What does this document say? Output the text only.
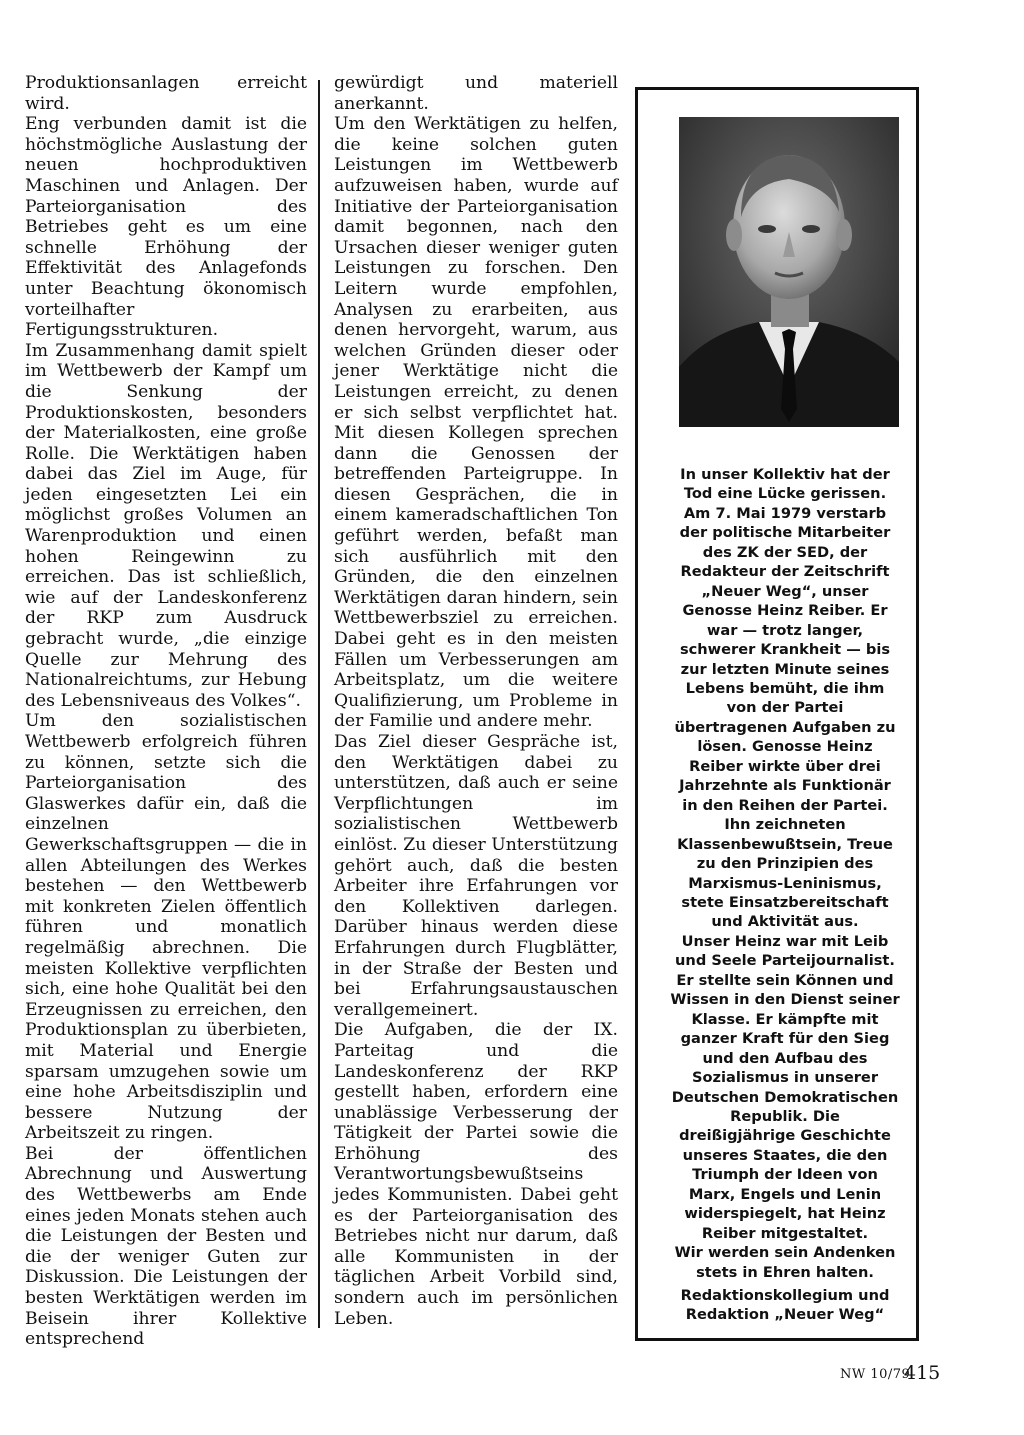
Produktionsanlagen erreicht wird.

Eng verbunden damit ist die höchstmögliche Auslastung der neuen hochproduktiven Maschinen und Anlagen. Der Parteiorganisation des Betriebes geht es um eine schnelle Erhöhung der Effektivität des Anlagefonds unter Beachtung ökonomisch vorteilhafter Fertigungsstrukturen.

Im Zusammenhang damit spielt im Wettbewerb der Kampf um die Senkung der Produktionskosten, besonders der Materialkosten, eine große Rolle. Die Werktätigen haben dabei das Ziel im Auge, für jeden eingesetzten Lei ein möglichst großes Volumen an Warenproduktion und einen hohen Reingewinn zu erreichen. Das ist schließlich, wie auf der Landeskonferenz der RKP zum Ausdruck gebracht wurde, „die einzige Quelle zur Mehrung des Nationalreichtums, zur Hebung des Lebensniveaus des Volkes“.

Um den sozialistischen Wettbewerb erfolgreich führen zu können, setzte sich die Parteiorganisation des Glaswerkes dafür ein, daß die einzelnen Gewerkschaftsgruppen — die in allen Abteilungen des Werkes bestehen — den Wettbewerb mit konkreten Zielen öffentlich führen und monatlich regelmäßig abrechnen. Die meisten Kollektive verpflichten sich, eine hohe Qualität bei den Erzeugnissen zu erreichen, den Produktionsplan zu überbieten, mit Material und Energie sparsam umzugehen sowie um eine hohe Arbeitsdisziplin und bessere Nutzung der Arbeitszeit zu ringen.

Bei der öffentlichen Abrechnung und Auswertung des Wettbewerbs am Ende eines jeden Monats stehen auch die Leistungen der Besten und die der weniger Guten zur Diskussion. Die Leistungen der besten Werktätigen werden im Beisein ihrer Kollektive entsprechend

gewürdigt und materiell anerkannt.

Um den Werktätigen zu helfen, die keine solchen guten Leistungen im Wettbewerb aufzuweisen haben, wurde auf Initiative der Parteiorganisation damit begonnen, nach den Ursachen dieser weniger guten Leistungen zu forschen. Den Leitern wurde empfohlen, Analysen zu erarbeiten, aus denen hervorgeht, warum, aus welchen Gründen dieser oder jener Werktätige nicht die Leistungen erreicht, zu denen er sich selbst verpflichtet hat. Mit diesen Kollegen sprechen dann die Genossen der betreffenden Parteigruppe. In diesen Gesprächen, die in einem kameradschaftlichen Ton geführt werden, befaßt man sich ausführlich mit den Gründen, die den einzelnen Werktätigen daran hindern, sein Wettbewerbsziel zu erreichen. Dabei geht es in den meisten Fällen um Verbesserungen am Arbeitsplatz, um die weitere Qualifizierung, um Probleme in der Familie und andere mehr.

Das Ziel dieser Gespräche ist, den Werktätigen dabei zu unterstützen, daß auch er seine Verpflichtungen im sozialistischen Wettbewerb einlöst. Zu dieser Unterstützung gehört auch, daß die besten Arbeiter ihre Erfahrungen vor den Kollektiven darlegen. Darüber hinaus werden diese Erfahrungen durch Flugblätter, in der Straße der Besten und bei Erfahrungsaustauschen verallgemeinert.

Die Aufgaben, die der IX. Parteitag und die Landeskonferenz der RKP gestellt haben, erfordern eine unablässige Verbesserung der Tätigkeit der Partei sowie die Erhöhung des Verantwortungsbewußtseins jedes Kommunisten. Dabei geht es der Parteiorganisation des Betriebes nicht nur darum, daß alle Kommunisten in der täglichen Arbeit Vorbild sind, sondern auch im persönlichen Leben.

In unser Kollektiv hat der Tod eine Lücke gerissen. Am 7. Mai 1979 verstarb der politische Mitarbeiter des ZK der SED, der Redakteur der Zeitschrift „Neuer Weg“, unser Genosse Heinz Reiber. Er war — trotz langer, schwerer Krankheit — bis zur letzten Minute seines Lebens bemüht, die ihm von der Partei übertragenen Aufgaben zu lösen. Genosse Heinz Reiber wirkte über drei Jahrzehnte als Funktionär in den Reihen der Partei. Ihn zeichneten Klassenbewußtsein, Treue zu den Prinzipien des Marxismus-Leninismus, stete Einsatzbereitschaft und Aktivität aus.

Unser Heinz war mit Leib und Seele Parteijournalist. Er stellte sein Können und Wissen in den Dienst seiner Klasse. Er kämpfte mit ganzer Kraft für den Sieg und den Aufbau des Sozialismus in unserer Deutschen Demokratischen Republik. Die dreißigjährige Geschichte unseres Staates, die den Triumph der Ideen von Marx, Engels und Lenin widerspiegelt, hat Heinz Reiber mitgestaltet.

Wir werden sein Andenken stets in Ehren halten.

Redaktionskollegium und

Redaktion „Neuer Weg“

NW 10/79
415
